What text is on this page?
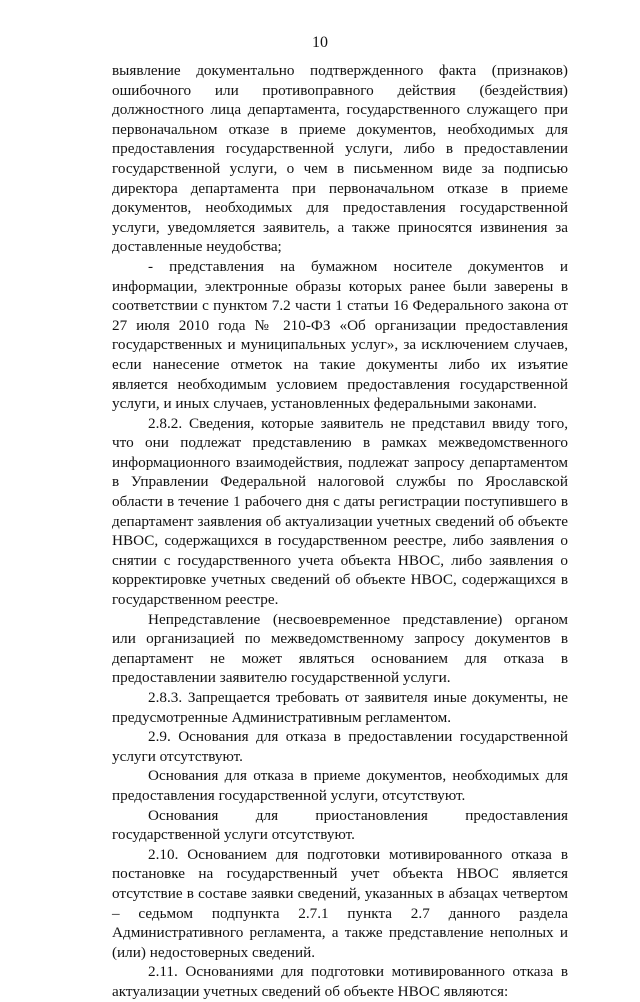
10

выявление документально подтвержденного факта (признаков) ошибочного или противоправного действия (бездействия) должностного лица департамента, государственного служащего при первоначальном отказе в приеме документов, необходимых для предоставления государственной услуги, либо в предоставлении государственной услуги, о чем в письменном виде за подписью директора департамента при первоначальном отказе в приеме документов, необходимых для предоставления государственной услуги, уведомляется заявитель, а также приносятся извинения за доставленные неудобства;

- представления на бумажном носителе документов и информации, электронные образы которых ранее были заверены в соответствии с пунктом 7.2 части 1 статьи 16 Федерального закона от 27 июля 2010 года № 210-ФЗ «Об организации предоставления государственных и муниципальных услуг», за исключением случаев, если нанесение отметок на такие документы либо их изъятие является необходимым условием предоставления государственной услуги, и иных случаев, установленных федеральными законами.

2.8.2. Сведения, которые заявитель не представил ввиду того, что они подлежат представлению в рамках межведомственного информационного взаимодействия, подлежат запросу департаментом в Управлении Федеральной налоговой службы по Ярославской области в течение 1 рабочего дня с даты регистрации поступившего в департамент заявления об актуализации учетных сведений об объекте НВОС, содержащихся в государственном реестре, либо заявления о снятии с государственного учета объекта НВОС, либо заявления о корректировке учетных сведений об объекте НВОС, содержащихся в государственном реестре.

Непредставление (несвоевременное представление) органом или организацией по межведомственному запросу документов в департамент не может являться основанием для отказа в предоставлении заявителю государственной услуги.

2.8.3. Запрещается требовать от заявителя иные документы, не предусмотренные Административным регламентом.

2.9. Основания для отказа в предоставлении государственной услуги отсутствуют.

Основания для отказа в приеме документов, необходимых для предоставления государственной услуги, отсутствуют.

Основания для приостановления предоставления государственной услуги отсутствуют.

2.10. Основанием для подготовки мотивированного отказа в постановке на государственный учет объекта НВОС является отсутствие в составе заявки сведений, указанных в абзацах четвертом – седьмом подпункта 2.7.1 пункта 2.7 данного раздела Административного регламента, а также представление неполных и (или) недостоверных сведений.

2.11. Основаниями для подготовки мотивированного отказа в актуализации учетных сведений об объекте НВОС являются:
